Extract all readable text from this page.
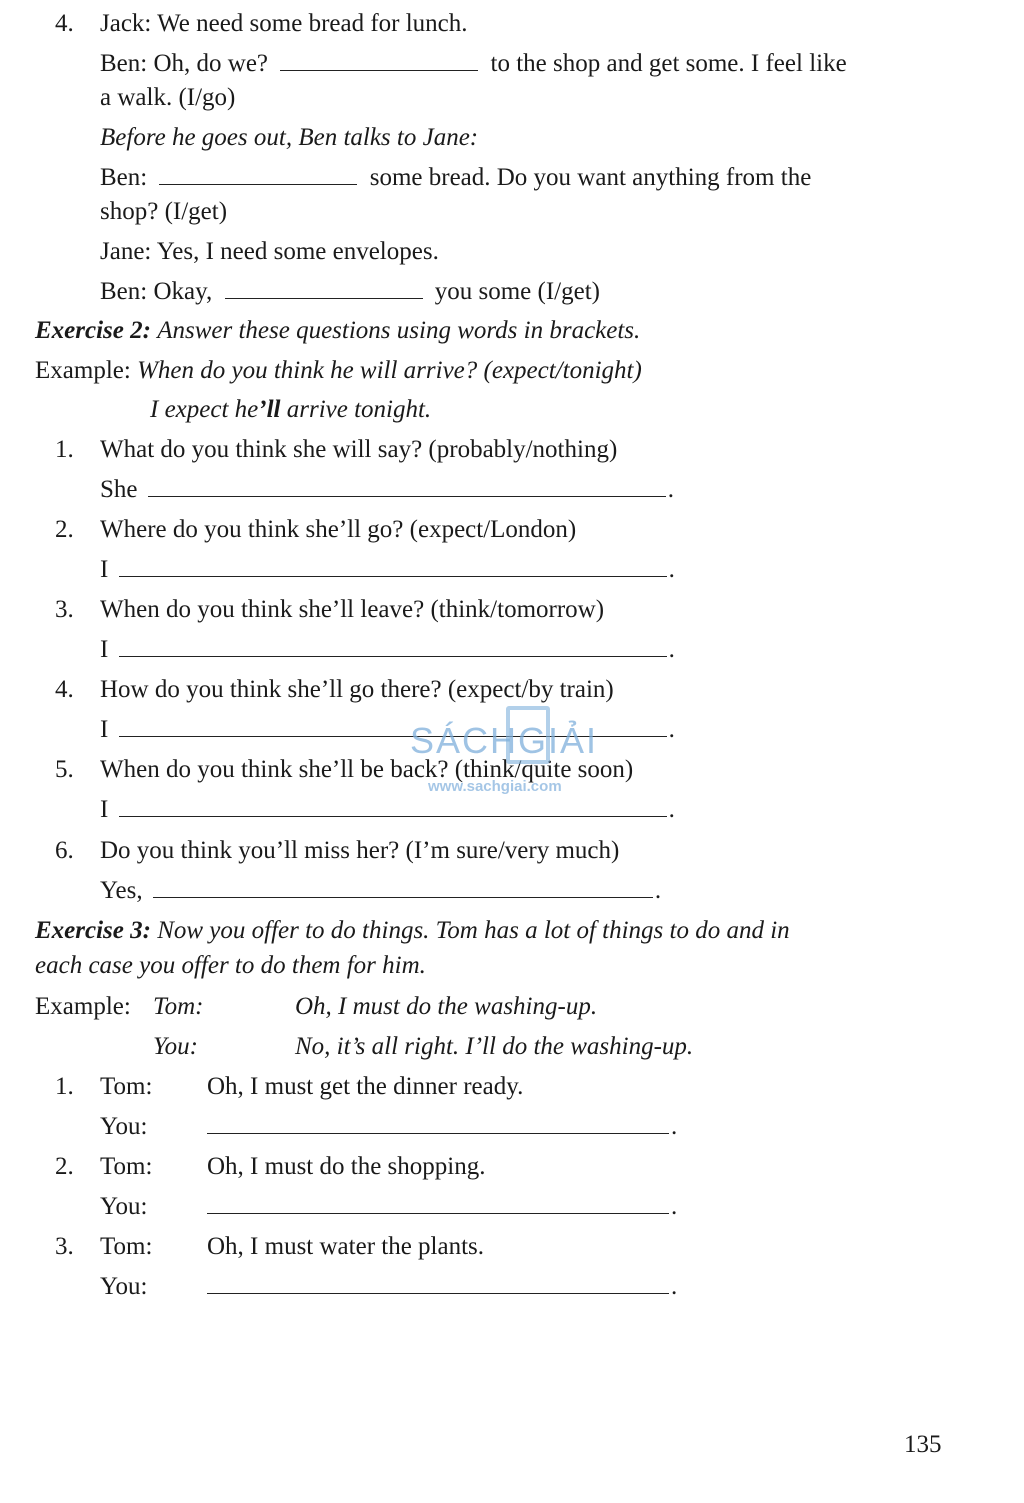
4. Jack: We need some bread for lunch.
Ben: Oh, do we?	to the shop and get some. I feel like
a walk. (I/go)
Before he goes out, Ben talks to Jane:
Ben:	some bread. Do you want anything from the
shop? (I/get)
Jane: Yes, I need some envelopes.
Ben: Okay,	you some (I/get)
Exercise 2: Answer these questions using words in brackets.
Example: When do you think he will arrive? (expect/tonight)
I expect he’ll arrive tonight.
1. What do you think she will say? (probably/nothing)
She	.
2. Where do you think she’ll go? (expect/London)
I	.
3. When do you think she’ll leave? (think/tomorrow)
I	.
4. How do you think she’ll go there? (expect/by train)
I	.
5. When do you think she’ll be back? (think/quite soon)
I	.
6. Do you think you’ll miss her? (I’m sure/very much)
Yes,	.
SÁCHGIẢI
www.sachgiai.com
Exercise 3: Now you offer to do things. Tom has a lot of things to do and in
each case you offer to do them for him.
Example: Tom:	Oh, I must do the washing-up.
You:	No, it’s all right. I’ll do the washing-up.
1. Tom: Oh, I must get the dinner ready.
You:	.
2. Tom: Oh, I must do the shopping.
You:	.
3. Tom: Oh, I must water the plants.
You:	.
135
